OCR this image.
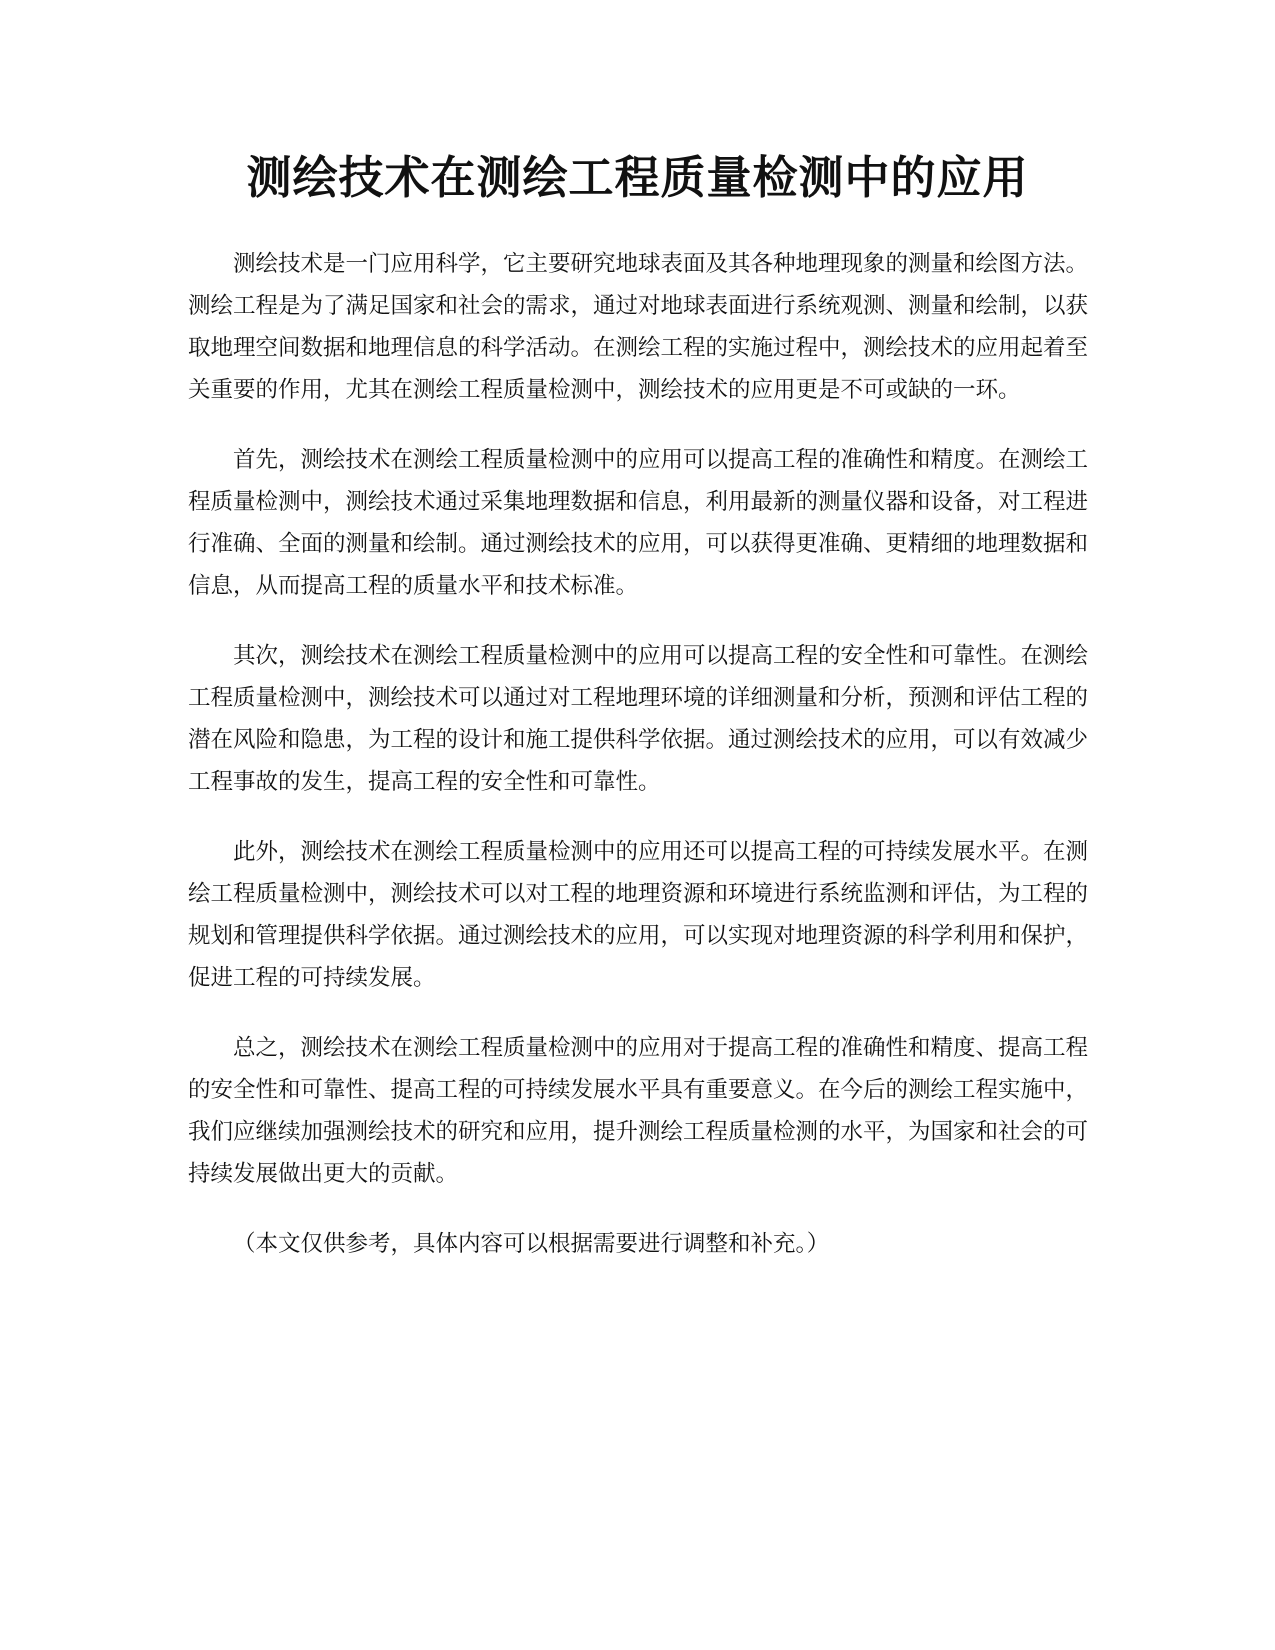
测绘技术在测绘工程质量检测中的应用

测绘技术是一门应用科学，它主要研究地球表面及其各种地理现象的测量和绘图方法。测绘工程是为了满足国家和社会的需求，通过对地球表面进行系统观测、测量和绘制，以获取地理空间数据和地理信息的科学活动。在测绘工程的实施过程中，测绘技术的应用起着至关重要的作用，尤其在测绘工程质量检测中，测绘技术的应用更是不可或缺的一环。

首先，测绘技术在测绘工程质量检测中的应用可以提高工程的准确性和精度。在测绘工程质量检测中，测绘技术通过采集地理数据和信息，利用最新的测量仪器和设备，对工程进行准确、全面的测量和绘制。通过测绘技术的应用，可以获得更准确、更精细的地理数据和信息，从而提高工程的质量水平和技术标准。

其次，测绘技术在测绘工程质量检测中的应用可以提高工程的安全性和可靠性。在测绘工程质量检测中，测绘技术可以通过对工程地理环境的详细测量和分析，预测和评估工程的潜在风险和隐患，为工程的设计和施工提供科学依据。通过测绘技术的应用，可以有效减少工程事故的发生，提高工程的安全性和可靠性。

此外，测绘技术在测绘工程质量检测中的应用还可以提高工程的可持续发展水平。在测绘工程质量检测中，测绘技术可以对工程的地理资源和环境进行系统监测和评估，为工程的规划和管理提供科学依据。通过测绘技术的应用，可以实现对地理资源的科学利用和保护，促进工程的可持续发展。

总之，测绘技术在测绘工程质量检测中的应用对于提高工程的准确性和精度、提高工程的安全性和可靠性、提高工程的可持续发展水平具有重要意义。在今后的测绘工程实施中，我们应继续加强测绘技术的研究和应用，提升测绘工程质量检测的水平，为国家和社会的可持续发展做出更大的贡献。

（本文仅供参考，具体内容可以根据需要进行调整和补充。）
